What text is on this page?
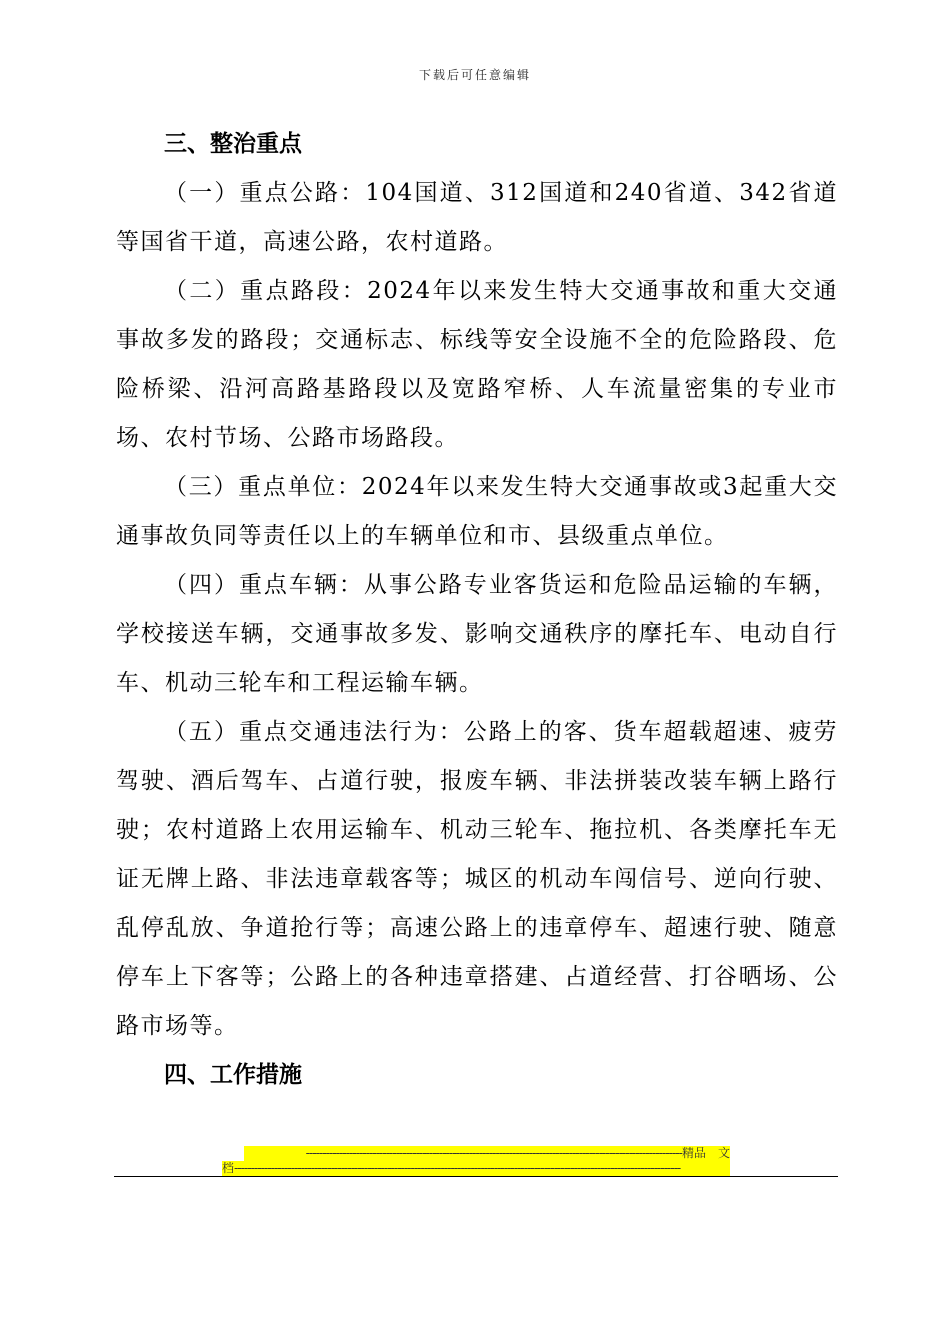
下载后可任意编辑

三、整治重点

（一）重点公路：104国道、312国道和240省道、342省道等国省干道，高速公路，农村道路。

（二）重点路段：2024年以来发生特大交通事故和重大交通事故多发的路段；交通标志、标线等安全设施不全的危险路段、危险桥梁、沿河高路基路段以及宽路窄桥、人车流量密集的专业市场、农村节场、公路市场路段。

（三）重点单位：2024年以来发生特大交通事故或3起重大交通事故负同等责任以上的车辆单位和市、县级重点单位。

（四）重点车辆：从事公路专业客货运和危险品运输的车辆，学校接送车辆，交通事故多发、影响交通秩序的摩托车、电动自行车、机动三轮车和工程运输车辆。

（五）重点交通违法行为：公路上的客、货车超载超速、疲劳驾驶、酒后驾车、占道行驶，报废车辆、非法拼装改装车辆上路行驶；农村道路上农用运输车、机动三轮车、拖拉机、各类摩托车无证无牌上路、非法违章载客等；城区的机动车闯信号、逆向行驶、乱停乱放、争道抢行等；高速公路上的违章停车、超速行驶、随意停车上下客等；公路上的各种违章搭建、占道经营、打谷晒场、公路市场等。

四、工作措施

-----------------------------------------------------------------------------------------------------------------精品　文
档--------------------------------------------------------------------------------------------------------------------------------------
